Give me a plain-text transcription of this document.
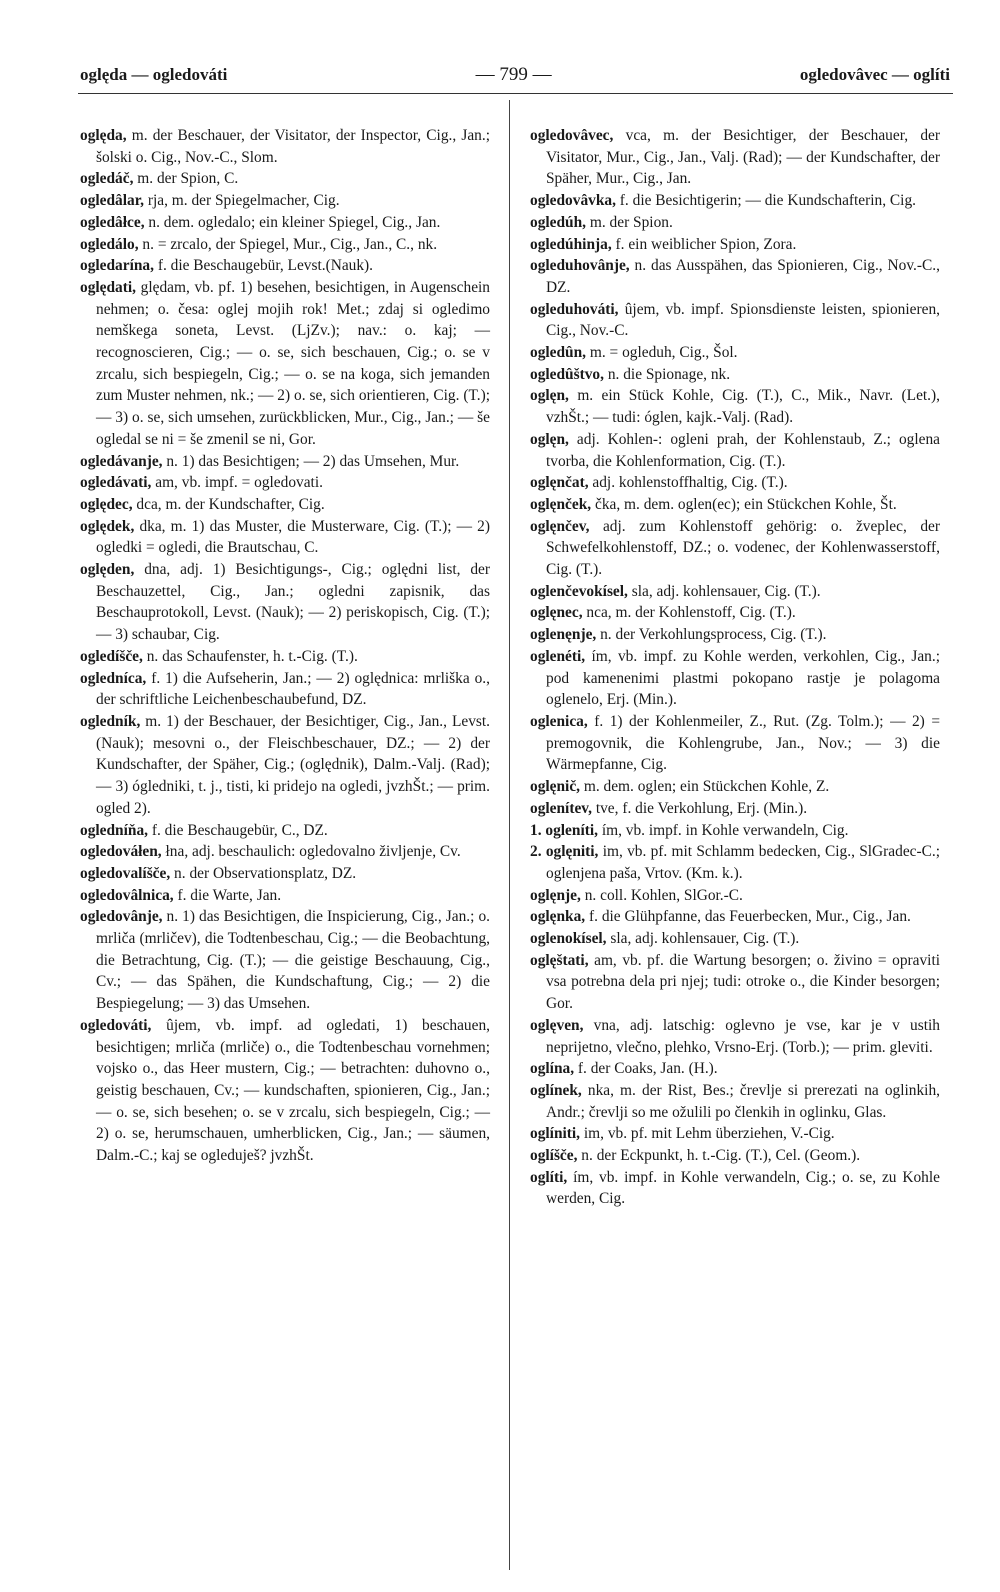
oględa — ogledováti	— 799 —	ogledovâvec — oglíti

oględa, m. der Beschauer, der Visitator, der Inspector, Cig., Jan.; šolski o. Cig., Nov.-C., Slom.

ogledáč, m. der Spion, C.

ogledâlar, rja, m. der Spiegelmacher, Cig.

ogledâłce, n. dem. ogledalo; ein kleiner Spiegel, Cig., Jan.

ogledálo, n. = zrcalo, der Spiegel, Mur., Cig., Jan., C., nk.

ogledarína, f. die Beschaugebür, Levst.(Nauk).

oględati, ględam, vb. pf. 1) besehen, besichtigen, in Augenschein nehmen; o. česa: oglej mojih rok! Met.; zdaj si ogledimo nemškega soneta, Levst. (LjZv.); nav.: o. kaj; — recognoscieren, Cig.; — o. se, sich beschauen, Cig.; o. se v zrcalu, sich bespiegeln, Cig.; — o. se na koga, sich jemanden zum Muster nehmen, nk.; — 2) o. se, sich orientieren, Cig. (T.); — 3) o. se, sich umsehen, zurückblicken, Mur., Cig., Jan.; — še ogledal se ni = še zmenil se ni, Gor.

ogledávanje, n. 1) das Besichtigen; — 2) das Umsehen, Mur.

ogledávati, am, vb. impf. = ogledovati.

oględec, dca, m. der Kundschafter, Cig.

oględek, dka, m. 1) das Muster, die Musterware, Cig. (T.); — 2) ogledki = ogledi, die Brautschau, C.

oględen, dna, adj. 1) Besichtigungs-, Cig.; oględni list, der Beschauzettel, Cig., Jan.; ogledni zapisnik, das Beschauprotokoll, Levst. (Nauk); — 2) periskopisch, Cig. (T.); — 3) schaubar, Cig.

ogledíšče, n. das Schaufenster, h. t.-Cig. (T.).

ogledníca, f. 1) die Aufseherin, Jan.; — 2) oględnica: mrliška o., der schriftliche Leichenbeschaubefund, DZ.

ogledník, m. 1) der Beschauer, der Besichtiger, Cig., Jan., Levst. (Nauk); mesovni o., der Fleischbeschauer, DZ.; — 2) der Kundschafter, der Späher, Cig.; (oględnik), Dalm.-Valj. (Rad); — 3) ógledniki, t. j., tisti, ki pridejo na ogledi, jvzhŠt.; — prim. ogled 2).

ogledníňa, f. die Beschaugebür, C., DZ.

ogledováłen, łna, adj. beschaulich: ogledovalno življenje, Cv.

ogledovalíšče, n. der Observationsplatz, DZ.

ogledovâlnica, f. die Warte, Jan.

ogledovânje, n. 1) das Besichtigen, die Inspicierung, Cig., Jan.; o. mrliča (mrličev), die Todtenbeschau, Cig.; — die Beobachtung, die Betrachtung, Cig. (T.); — die geistige Beschauung, Cig., Cv.; — das Spähen, die Kundschaftung, Cig.; — 2) die Bespiegelung; — 3) das Umsehen.

ogledováti, ûjem, vb. impf. ad ogledati, 1) beschauen, besichtigen; mrliča (mrliče) o., die Todtenbeschau vornehmen; vojsko o., das Heer mustern, Cig.; — betrachten: duhovno o., geistig beschauen, Cv.; — kundschaften, spionieren, Cig., Jan.; — o. se, sich besehen; o. se v zrcalu, sich bespiegeln, Cig.; — 2) o. se, herumschauen, umherblicken, Cig., Jan.; — säumen, Dalm.-C.; kaj se ogleduješ? jvzhŠt.

ogledovâvec, vca, m. der Besichtiger, der Beschauer, der Visitator, Mur., Cig., Jan., Valj. (Rad); — der Kundschafter, der Späher, Mur., Cig., Jan.

ogledovâvka, f. die Besichtigerin; — die Kundschafterin, Cig.

ogledúh, m. der Spion.

ogledúhinja, f. ein weiblicher Spion, Zora.

ogleduhovânje, n. das Ausspähen, das Spionieren, Cig., Nov.-C., DZ.

ogleduhováti, ûjem, vb. impf. Spionsdienste leisten, spionieren, Cig., Nov.-C.

ogledûn, m. = ogleduh, Cig., Šol.

ogledûštvo, n. die Spionage, nk.

oglęn, m. ein Stück Kohle, Cig. (T.), C., Mik., Navr. (Let.), vzhŠt.; — tudi: óglen, kajk.-Valj. (Rad).

oglęn, adj. Kohlen-: ogleni prah, der Kohlenstaub, Z.; oglena tvorba, die Kohlenformation, Cig. (T.).

oglęnčat, adj. kohlenstoffhaltig, Cig. (T.).

oglęnček, čka, m. dem. oglen(ec); ein Stückchen Kohle, Št.

oglęnčev, adj. zum Kohlenstoff gehörig: o. žveplec, der Schwefelkohlenstoff, DZ.; o. vodenec, der Kohlenwasserstoff, Cig. (T.).

oglenčevokísel, sla, adj. kohlensauer, Cig. (T.).

oglęnec, nca, m. der Kohlenstoff, Cig. (T.).

oglenęnje, n. der Verkohlungsprocess, Cig. (T.).

oglenéti, ím, vb. impf. zu Kohle werden, verkohlen, Cig., Jan.; pod kamenenimi plastmi pokopano rastje je polagoma oglenelo, Erj. (Min.).

oglenica, f. 1) der Kohlenmeiler, Z., Rut. (Zg. Tolm.); — 2) = premogovnik, die Kohlengrube, Jan., Nov.; — 3) die Wärmepfanne, Cig.

oglęnič, m. dem. oglen; ein Stückchen Kohle, Z.

oglenítev, tve, f. die Verkohlung, Erj. (Min.).

1. ogleníti, ím, vb. impf. in Kohle verwandeln, Cig.

2. oglęniti, im, vb. pf. mit Schlamm bedecken, Cig., SlGradec-C.; oglenjena paša, Vrtov. (Km. k.).

oglęnje, n. coll. Kohlen, SlGor.-C.

oglęnka, f. die Glühpfanne, das Feuerbecken, Mur., Cig., Jan.

oglenokísel, sla, adj. kohlensauer, Cig. (T.).

oglęštati, am, vb. pf. die Wartung besorgen; o. živino = opraviti vsa potrebna dela pri njej; tudi: otroke o., die Kinder besorgen; Gor.

oglęven, vna, adj. latschig: oglevno je vse, kar je v ustih neprijetno, vlečno, plehko, Vrsno-Erj. (Torb.); — prim. gleviti.

oglína, f. der Coaks, Jan. (H.).

oglínek, nka, m. der Rist, Bes.; črevlje si prerezati na oglinkih, Andr.; črevlji so me ožulili po členkih in oglinku, Glas.

oglíniti, im, vb. pf. mit Lehm überziehen, V.-Cig.

oglíšče, n. der Eckpunkt, h. t.-Cig. (T.), Cel. (Geom.).

oglíti, ím, vb. impf. in Kohle verwandeln, Cig.; o. se, zu Kohle werden, Cig.
